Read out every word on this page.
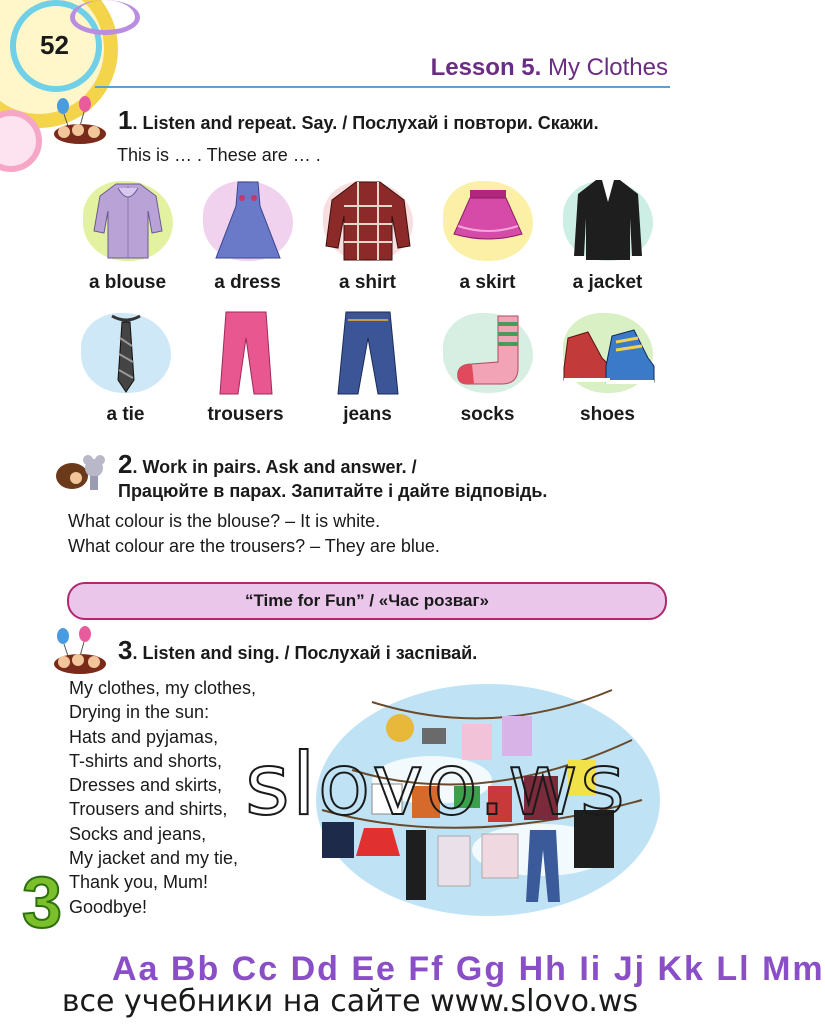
52
Lesson 5. My Clothes
1. Listen and repeat. Say. / Послухай і повтори. Скажи.
This is … . These are … .
a blouse	a dress	a shirt	a skirt	a jacket
a tie	trousers	jeans	socks	shoes
2. Work in pairs. Ask and answer. /
Працюйте в парах. Запитайте і дайте відповідь.
What colour is the blouse? – It is white.
What colour are the trousers? – They are blue.
“Time for Fun” / «Час розваг»
3. Listen and sing. / Послухай і заспівай.
My clothes, my clothes,
Drying in the sun:
Hats and pyjamas,
T-shirts and shorts,
Dresses and skirts,
Trousers and shirts,
Socks and jeans,
My jacket and my tie,
Thank you, Mum!
Goodbye!
slovo.ws
3
Aa Bb Cc Dd Ee Ff Gg Hh Ii Jj Kk Ll Mm
все учебники на сайте www.slovo.ws
